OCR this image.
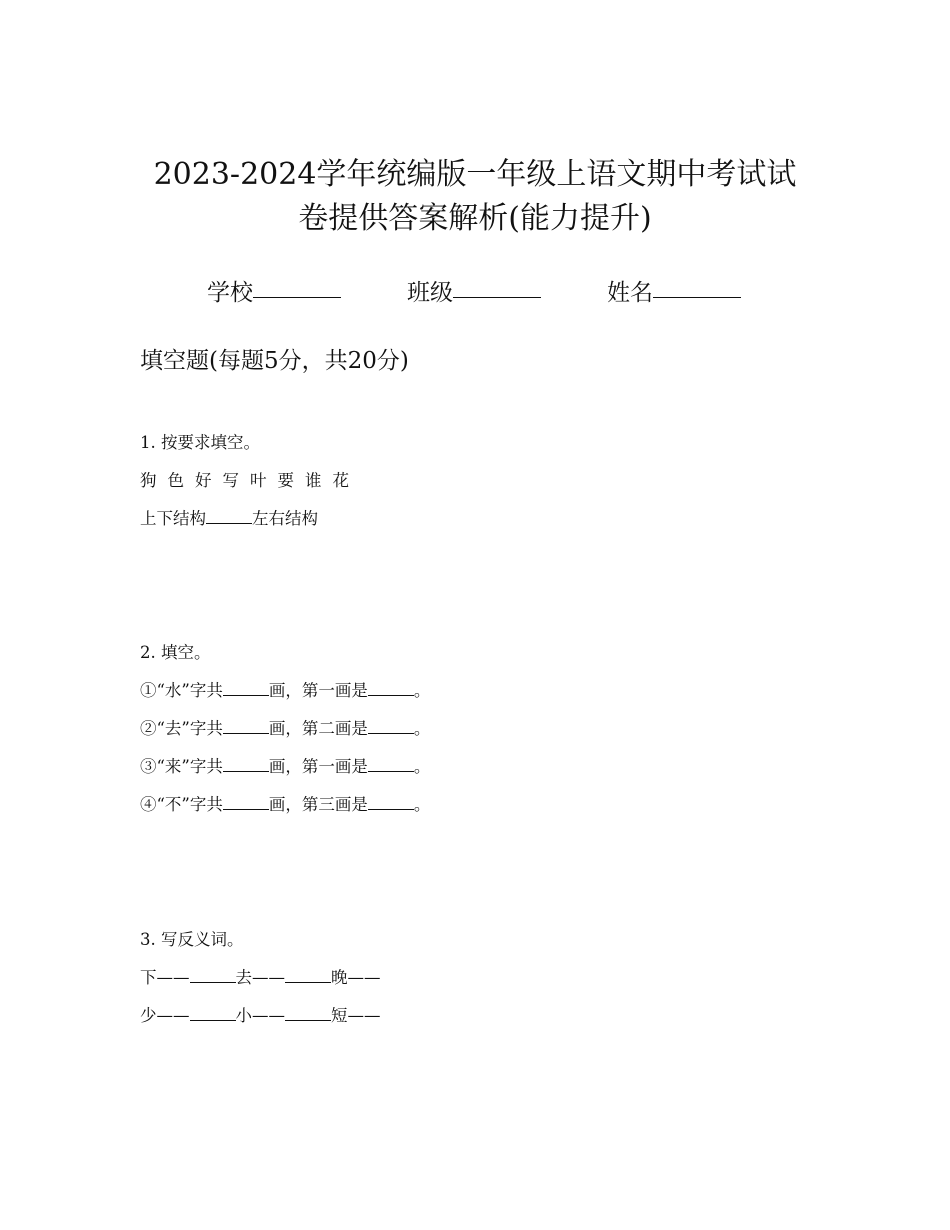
2023-2024学年统编版一年级上语文期中考试试
卷提供答案解析(能力提升)
学校	班级	姓名
填空题(每题5分，共20分)
1. 按要求填空。
狗 色 好 写 叶 要 谁 花
上下结构	左右结构
2. 填空。
①“水”字共	画，第一画是	。
②“去”字共	画，第二画是	。
③“来”字共	画，第一画是	。
④“不”字共	画，第三画是	。
3. 写反义词。
下——	去——	晚——
少——	小——	短——
